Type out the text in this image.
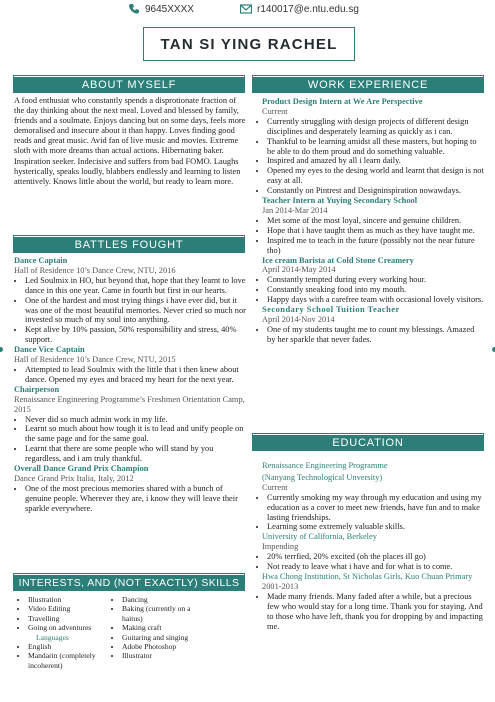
9645XXXX	r140017@e.ntu.edu.sg
TAN SI YING RACHEL
ABOUT MYSELF

A food enthusiat who constantly spends a disprotionate fraction of the day thinking about the next meal. Loved and blessed by family, friends and a soulmate. Enjoys dancing but on some days, feels more demoralised and insecure about it than happy. Loves finding good reads and great music. Avid fan of live music and movies. Extreme sloth with more dreams than actual actions. Hibernating baker. Inspiration seeker. Indecisive and suffers from bad FOMO. Laughs hysterically, speaks loudly, blabbers endlessly and learning to listen attentively. Knows little about the world, but ready to learn more.

BATTLES FOUGHT

Dance Captain

Hall of Residence 10’s Dance Crew, NTU, 2016

• Led Soulmix in HO, but beyond that, hope that they learnt to love dance in this one year. Came in fourth but first in our hearts.
• One of the hardest and most trying things i have ever did, but it was one of the most beautiful memories. Never cried so much nor invested so much of my soul into anything.
• Kept alive by 10% passion, 50% responsibility and stress, 40% support.

Dance Vice Captain

Hall of Residence 10’s Dance Crew, NTU, 2015

• Attempted to lead Soulmix with the little that i then knew about dance. Opened my eyes and braced my heart for the next year.

Chairperson

Renaissance Engineering Programme’s Freshmen Orientation Camp, 2015

• Never did so much admin work in my life.
• Learnt so much about how tough it is to lead and unify people on the same page and for the same goal.
• Learnt that there are some people who will stand by you regardless, and i am truly thankful.

Overall Dance Grand Prix Champion

Dance Grand Prix Italia, Italy, 2012

• One of the most precious memories shared with a bunch of genuine people. Wherever they are, i know they will leave their sparkle everywhere.
INTERESTS, AND (NOT EXACTLY) SKILLS
• Illustration
• Video Editing
• Travelling
• Going on adventures
Languages
• English
• Mandarin (completely incoherent)
• Dancing
• Baking (currently on a haitus)
• Making craft
• Guitaring and singing
• Adobe Photoshop
• Illustrator
WORK EXPERIENCE

Product Design Intern at We Are Perspective

Current

• Currently struggling with design projects of different design disciplines and desperately learning as quickly as i can.
• Thankful to be learning amidst all these masters, but hoping to be able to do them proud and do something valuable.
• Inspired and amazed by all i learn daily.
• Opened my eyes to the desing world and learnt that design is not easy at all.
• Constantly on Pintrest and Designinspiration nowawdays.

Teacher Intern at Yuying Secondary School

Jan 2014-Mar 2014

• Met some of the most loyal, sincere and genuine children.
• Hope that i have taught them as much as they have taught me.
• Inspired me to teach in the future (possibly not the near future tho)

Ice cream Barista at Cold Stone Creamery

April 2014-May 2014

• Constantly tempted during every working hour.
• Constantly sneaking food into my mouth.
• Happy days with a carefree team with occasional lovely visitors.

Secondary School Tuition Teacher

April 2014-Nov 2014

• One of my students taught me to count my blessings. Amazed by her sparkle that never fades.
EDUCATION

Renaissance Engineering Programme

(Nanyang Technological Unversity)

Current

• Currently smoking my way through my education and using my education as a cover to meet new friends, have fun and to make lasting friendships.
• Learning some extremely valuable skills.

University of California, Berkeley

Impending

• 20% terrfied, 20% excited (oh the places ill go)
• Not ready to leave what i have and for what is to come.

Hwa Chong Institution, St Nicholas Girls, Kuo Chuan Primary

2001-2013

• Made many friends. Many faded after a while, but a precious few who would stay for a long time. Thank you for staying. And to those who have left, thank you for dropping by and impacting me.
